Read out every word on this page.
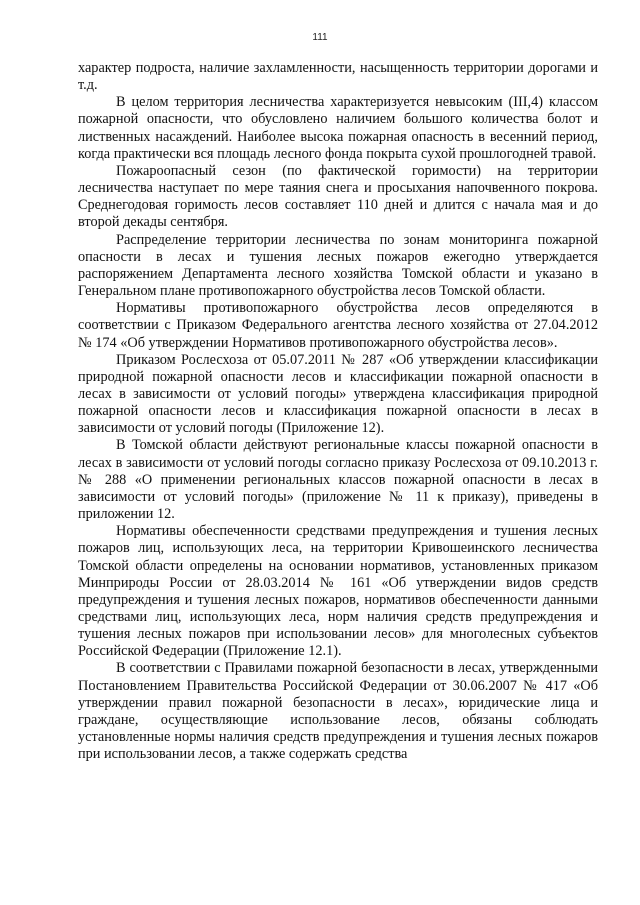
111

характер подроста, наличие захламленности, насыщенность территории дорогами и т.д.

В целом территория лесничества характеризуется невысоким (III,4) классом пожарной опасности, что обусловлено наличием большого количества болот и лиственных насаждений. Наиболее высока пожарная опасность в весенний период, когда практически вся площадь лесного фонда покрыта сухой прошлогодней травой.

Пожароопасный сезон (по фактической горимости) на территории лесничества наступает по мере таяния снега и просыхания напочвенного покрова. Среднегодовая горимость лесов составляет 110 дней и длится с начала мая и до второй декады сентября.

Распределение территории лесничества по зонам мониторинга пожарной опасности в лесах и тушения лесных пожаров ежегодно утверждается распоряжением Департамента лесного хозяйства Томской области и указано в Генеральном плане противопожарного обустройства лесов Томской области.

Нормативы противопожарного обустройства лесов определяются в соответствии с Приказом Федерального агентства лесного хозяйства от 27.04.2012 № 174 «Об утверждении Нормативов противопожарного обустройства лесов».

Приказом Рослесхоза от 05.07.2011 № 287 «Об утверждении классификации природной пожарной опасности лесов и классификации пожарной опасности в лесах в зависимости от условий погоды» утверждена классификация природной пожарной опасности лесов и классификация пожарной опасности в лесах в зависимости от условий погоды (Приложение 12).

В Томской области действуют региональные классы пожарной опасности в лесах в зависимости от условий погоды согласно приказу Рослесхоза от 09.10.2013 г. № 288 «О применении региональных классов пожарной опасности в лесах в зависимости от условий погоды» (приложение № 11 к приказу), приведены в приложении 12.

Нормативы обеспеченности средствами предупреждения и тушения лесных пожаров лиц, использующих леса, на территории Кривошеинского лесничества Томской области определены на основании нормативов, установленных приказом Минприроды России от 28.03.2014 № 161 «Об утверждении видов средств предупреждения и тушения лесных пожаров, нормативов обеспеченности данными средствами лиц, использующих леса, норм наличия средств предупреждения и тушения лесных пожаров при использовании лесов» для многолесных субъектов Российской Федерации (Приложение 12.1).

В соответствии с Правилами пожарной безопасности в лесах, утвержденными Постановлением Правительства Российской Федерации от 30.06.2007 № 417 «Об утверждении правил пожарной безопасности в лесах», юридические лица и граждане, осуществляющие использование лесов, обязаны соблюдать установленные нормы наличия средств предупреждения и тушения лесных пожаров при использовании лесов, а также содержать средства
